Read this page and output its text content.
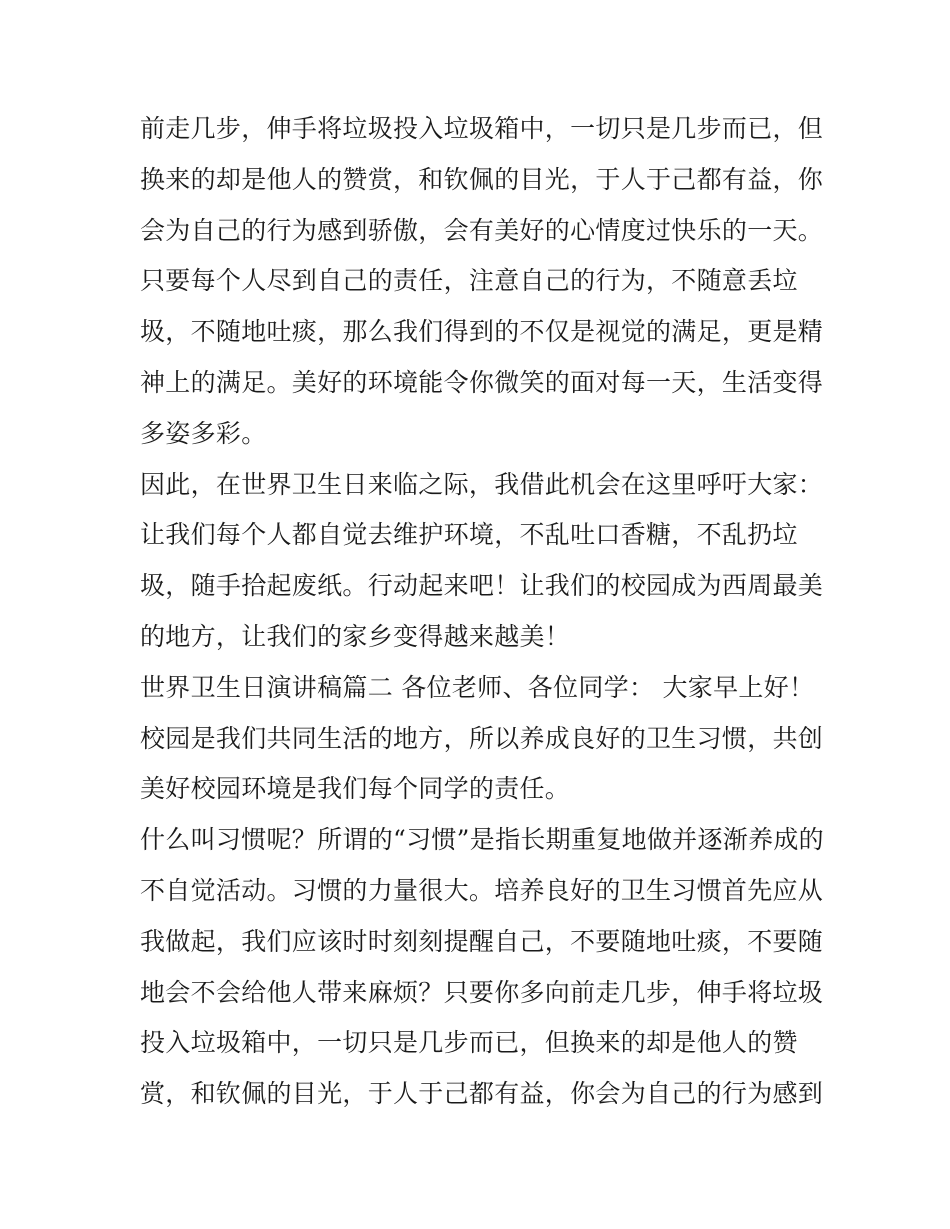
前走几步，伸手将垃圾投入垃圾箱中，一切只是几步而已，但
换来的却是他人的赞赏，和钦佩的目光，于人于己都有益，你
会为自己的行为感到骄傲，会有美好的心情度过快乐的一天。
只要每个人尽到自己的责任，注意自己的行为，不随意丢垃
圾，不随地吐痰，那么我们得到的不仅是视觉的满足，更是精
神上的满足。美好的环境能令你微笑的面对每一天，生活变得
多姿多彩。
因此，在世界卫生日来临之际，我借此机会在这里呼吁大家：
让我们每个人都自觉去维护环境，不乱吐口香糖，不乱扔垃
圾，随手拾起废纸。行动起来吧！让我们的校园成为西周最美
的地方，让我们的家乡变得越来越美！
世界卫生日演讲稿篇二 各位老师、各位同学： 大家早上好！
校园是我们共同生活的地方，所以养成良好的卫生习惯，共创
美好校园环境是我们每个同学的责任。
什么叫习惯呢？所谓的“习惯”是指长期重复地做并逐渐养成的
不自觉活动。习惯的力量很大。培养良好的卫生习惯首先应从
我做起，我们应该时时刻刻提醒自己，不要随地吐痰，不要随
地会不会给他人带来麻烦？只要你多向前走几步，伸手将垃圾
投入垃圾箱中，一切只是几步而已，但换来的却是他人的赞
赏，和钦佩的目光，于人于己都有益，你会为自己的行为感到
